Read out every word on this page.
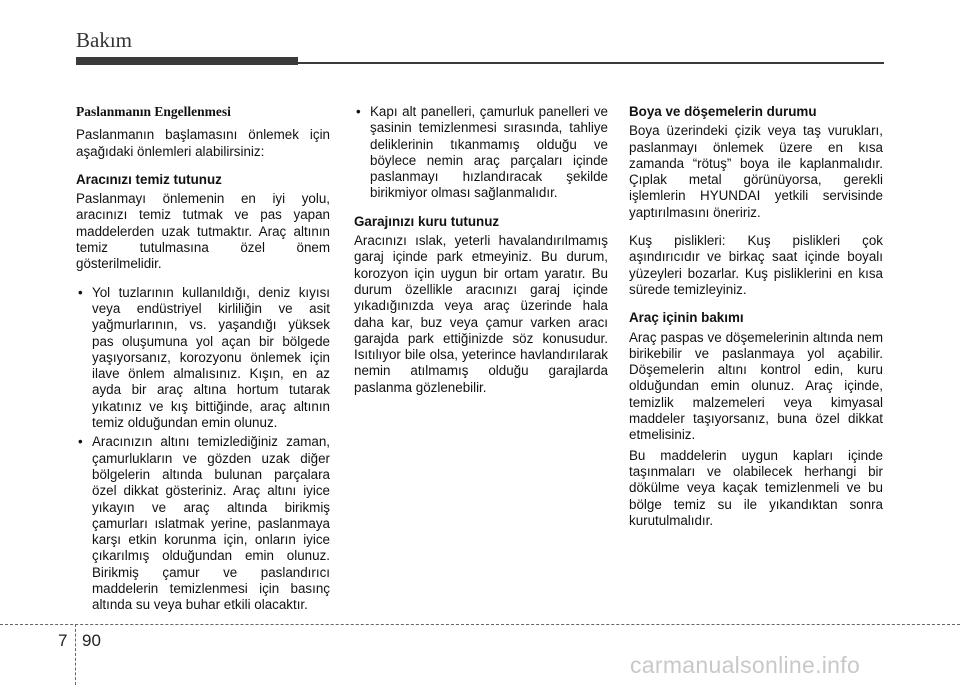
Bakım
Paslanmanın Engellenmesi

Paslanmanın başlamasını önlemek için aşağıdaki önlemleri alabilirsiniz:

Aracınızı temiz tutunuz

Paslanmayı önlemenin en iyi yolu, aracınızı temiz tutmak ve pas yapan maddelerden uzak tutmaktır. Araç altının temiz tutulmasına özel önem gösterilmelidir.

• Yol tuzlarının kullanıldığı, deniz kıyısı veya endüstriyel kirliliğin ve asit yağmurlarının, vs. yaşandığı yüksek pas oluşumuna yol açan bir bölgede yaşıyorsanız, korozyonu önlemek için ilave önlem almalısınız. Kışın, en az ayda bir araç altına hortum tutarak yıkatınız ve kış bittiğinde, araç altının temiz olduğundan emin olunuz.
• Aracınızın altını temizlediğiniz zaman, çamurlukların ve gözden uzak diğer bölgelerin altında bulunan parçalara özel dikkat gösteriniz. Araç altını iyice yıkayın ve araç altında birikmiş çamurları ıslatmak yerine, paslanmaya karşı etkin korunma için, onların iyice çıkarılmış olduğundan emin olunuz. Birikmiş çamur ve paslandırıcı maddelerin temizlenmesi için basınç altında su veya buhar etkili olacaktır.
• Kapı alt panelleri, çamurluk panelleri ve şasinin temizlenmesi sırasında, tahliye deliklerinin tıkanmamış olduğu ve böylece nemin araç parçaları içinde paslanmayı hızlandıracak şekilde birikmiyor olması sağlanmalıdır.
Garajınızı kuru tutunuz

Aracınızı ıslak, yeterli havalandırılmamış garaj içinde park etmeyiniz. Bu durum, korozyon için uygun bir ortam yaratır. Bu durum özellikle aracınızı garaj içinde yıkadığınızda veya araç üzerinde hala daha kar, buz veya çamur varken aracı garajda park ettiğinizde söz konusudur. Isıtılıyor bile olsa, yeterince havlandırılarak nemin atılmamış olduğu garajlarda paslanma gözlenebilir.

Boya ve döşemelerin durumu

Boya üzerindeki çizik veya taş vurukları, paslanmayı önlemek üzere en kısa zamanda “rötuş” boya ile kaplanmalıdır. Çıplak metal görünüyorsa, gerekli işlemlerin HYUNDAI yetkili servisinde yaptırılmasını öneririz.

Kuş pislikleri: Kuş pislikleri çok aşındırıcıdır ve birkaç saat içinde boyalı yüzeyleri bozarlar. Kuş pisliklerini en kısa sürede temizleyiniz.

Araç içinin bakımı

Araç paspas ve döşemelerinin altında nem birikebilir ve paslanmaya yol açabilir. Döşemelerin altını kontrol edin, kuru olduğundan emin olunuz. Araç içinde, temizlik malzemeleri veya kimyasal maddeler taşıyorsanız, buna özel dikkat etmelisiniz.

Bu maddelerin uygun kapları içinde taşınmaları ve olabilecek herhangi bir dökülme veya kaçak temizlenmeli ve bu bölge temiz su ile yıkandıktan sonra kurutulmalıdır.

7 90
carmanualsonline.info
